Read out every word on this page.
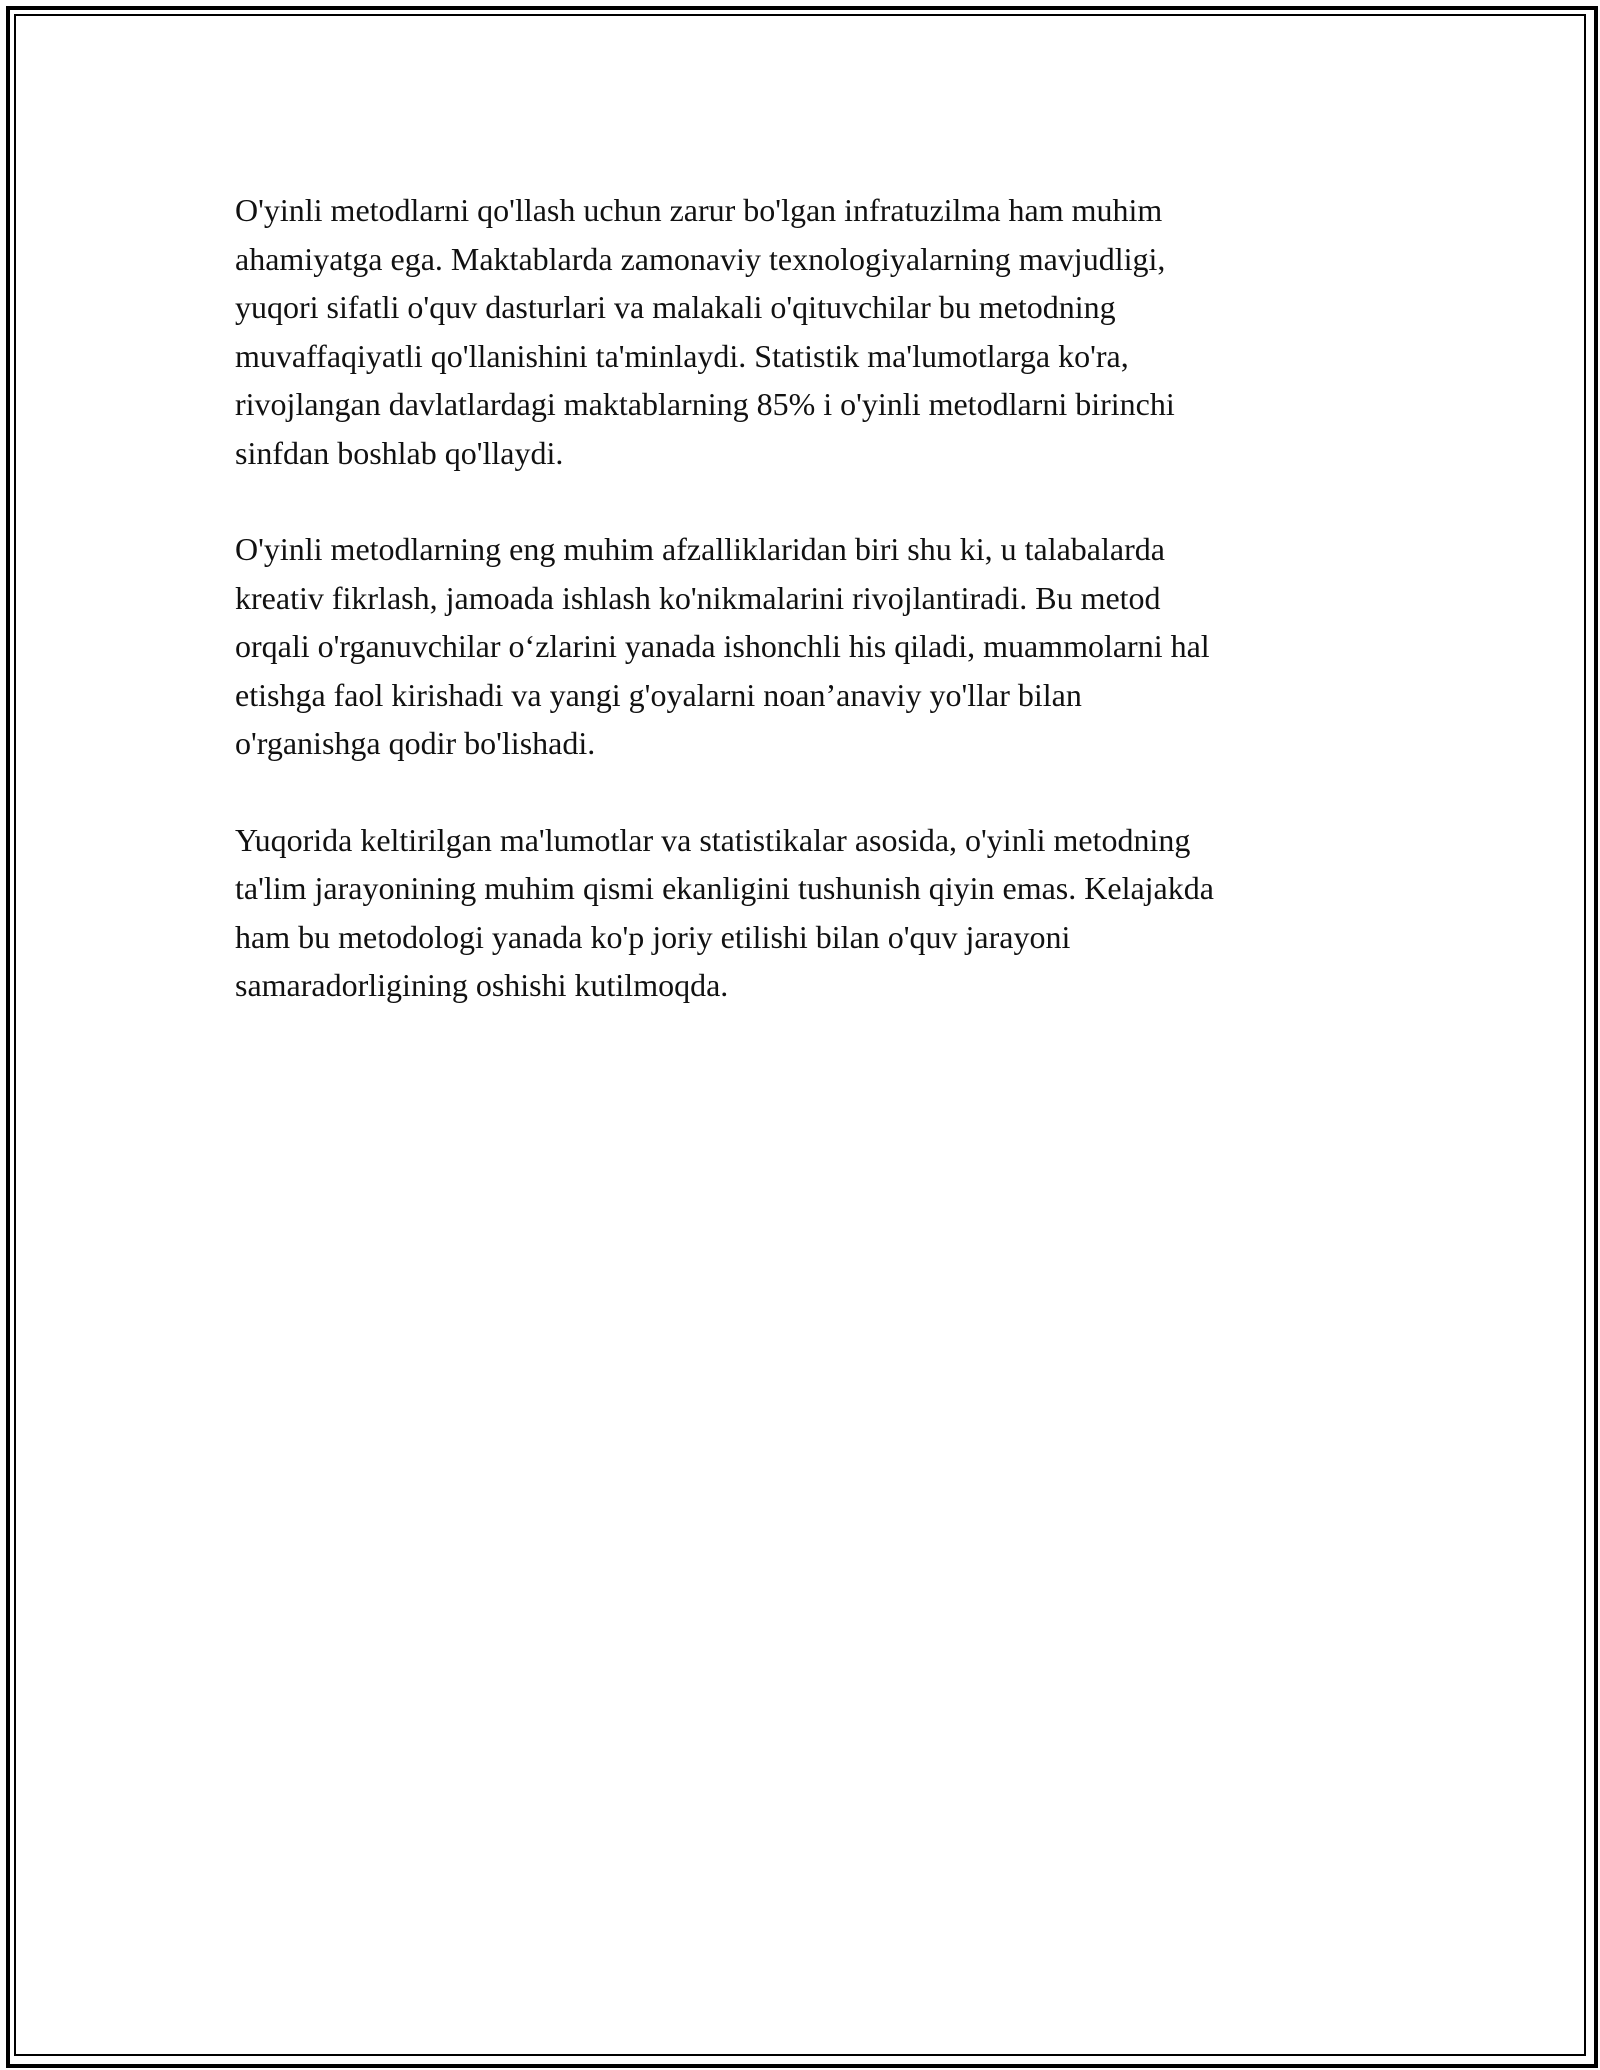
O'yinli metodlarni qo'llash uchun zarur bo'lgan infratuzilma ham muhim
ahamiyatga ega. Maktablarda zamonaviy texnologiyalarning mavjudligi,
yuqori sifatli o'quv dasturlari va malakali o'qituvchilar bu metodning
muvaffaqiyatli qo'llanishini ta'minlaydi. Statistik ma'lumotlarga ko'ra,
rivojlangan davlatlardagi maktablarning 85% i o'yinli metodlarni birinchi
sinfdan boshlab qo'llaydi.

O'yinli metodlarning eng muhim afzalliklaridan biri shu ki, u talabalarda
kreativ fikrlash, jamoada ishlash ko'nikmalarini rivojlantiradi. Bu metod
orqali o'rganuvchilar o‘zlarini yanada ishonchli his qiladi, muammolarni hal
etishga faol kirishadi va yangi g'oyalarni noan’anaviy yo'llar bilan
o'rganishga qodir bo'lishadi.

Yuqorida keltirilgan ma'lumotlar va statistikalar asosida, o'yinli metodning
ta'lim jarayonining muhim qismi ekanligini tushunish qiyin emas. Kelajakda
ham bu metodologi yanada ko'p joriy etilishi bilan o'quv jarayoni
samaradorligining oshishi kutilmoqda.
